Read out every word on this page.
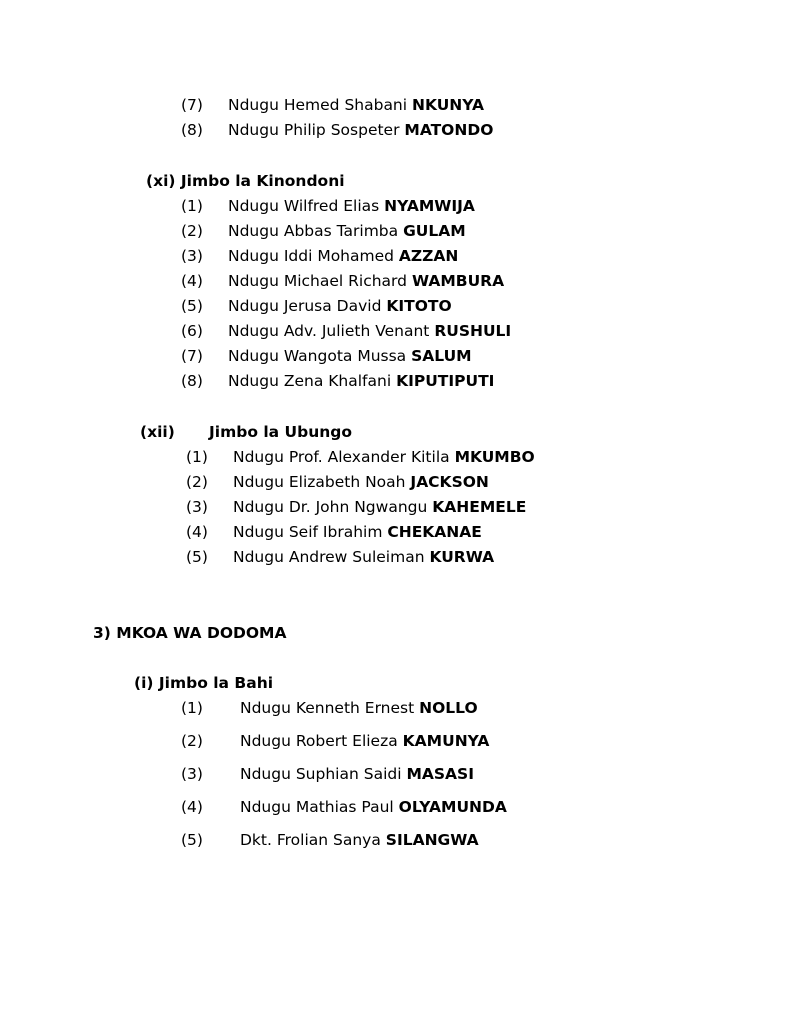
(7) Ndugu Hemed Shabani NKUNYA
(8) Ndugu Philip Sospeter MATONDO
(xi) Jimbo la Kinondoni
(1) Ndugu Wilfred Elias NYAMWIJA
(2) Ndugu Abbas Tarimba GULAM
(3) Ndugu Iddi Mohamed AZZAN
(4) Ndugu Michael Richard WAMBURA
(5) Ndugu Jerusa David KITOTO
(6) Ndugu Adv. Julieth Venant RUSHULI
(7) Ndugu Wangota Mussa SALUM
(8) Ndugu Zena Khalfani KIPUTIPUTI
(xii) Jimbo la Ubungo
(1) Ndugu Prof. Alexander Kitila MKUMBO
(2) Ndugu Elizabeth Noah JACKSON
(3) Ndugu Dr. John Ngwangu KAHEMELE
(4) Ndugu Seif Ibrahim CHEKANAE
(5) Ndugu Andrew Suleiman KURWA
3) MKOA WA DODOMA
(i) Jimbo la Bahi
(1) Ndugu Kenneth Ernest NOLLO
(2) Ndugu Robert Elieza KAMUNYA
(3) Ndugu Suphian Saidi MASASI
(4) Ndugu Mathias Paul OLYAMUNDA
(5) Dkt. Frolian Sanya SILANGWA
